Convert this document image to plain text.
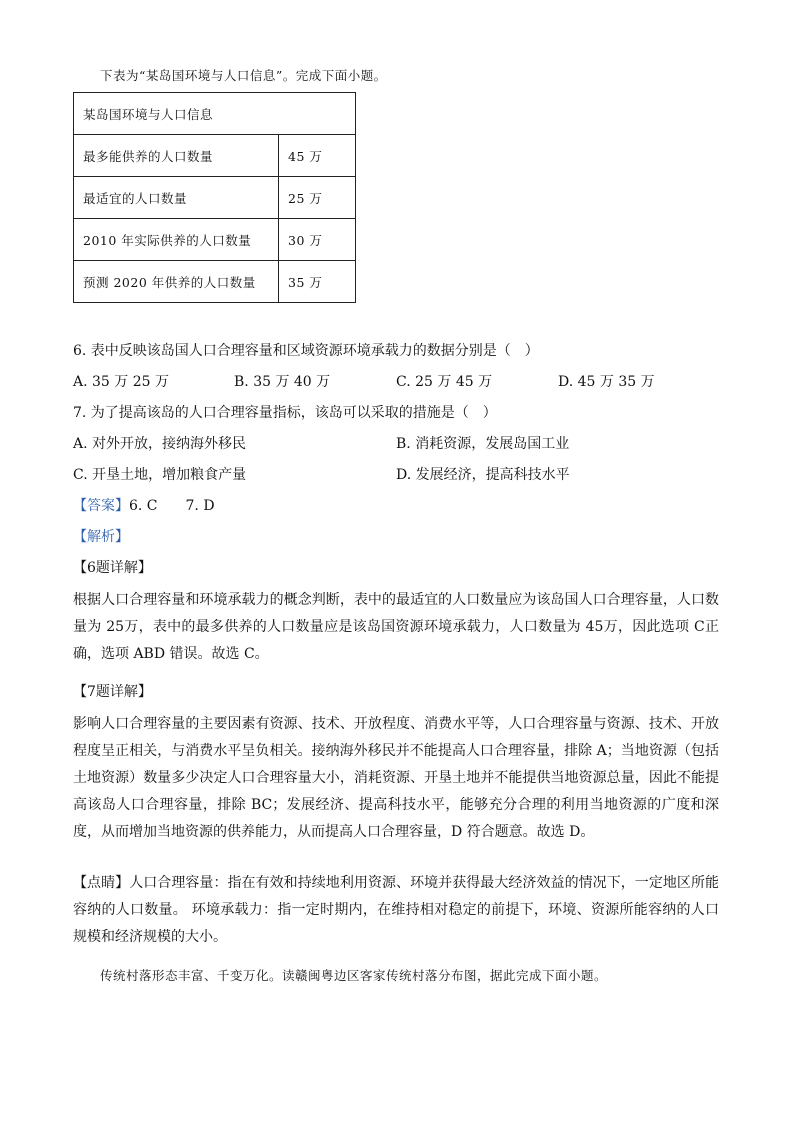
下表为“某岛国环境与人口信息”。完成下面小题。
某岛国环境与人口信息	
最多能供养的人口数量	45 万
最适宜的人口数量	25 万
2010 年实际供养的人口数量	30 万
预测 2020 年供养的人口数量	35 万
6. 表中反映该岛国人口合理容量和区域资源环境承载力的数据分别是（　）
A. 35 万 25 万	B. 35 万 40 万	C. 25 万 45 万	D. 45 万 35 万
7. 为了提高该岛的人口合理容量指标，该岛可以采取的措施是（　）
A. 对外开放，接纳海外移民	B. 消耗资源，发展岛国工业
C. 开垦土地，增加粮食产量	D. 发展经济，提高科技水平
【答案】6. C　　7. D
【解析】
【6题详解】
根据人口合理容量和环境承载力的概念判断，表中的最适宜的人口数量应为该岛国人口合理容量，人口数量为 25万，表中的最多供养的人口数量应是该岛国资源环境承载力，人口数量为 45万，因此选项 C正确，选项 ABD 错误。故选 C。
【7题详解】
影响人口合理容量的主要因素有资源、技术、开放程度、消费水平等，人口合理容量与资源、技术、开放程度呈正相关，与消费水平呈负相关。接纳海外移民并不能提高人口合理容量，排除 A；当地资源（包括土地资源）数量多少决定人口合理容量大小，消耗资源、开垦土地并不能提供当地资源总量，因此不能提高该岛人口合理容量，排除 BC；发展经济、提高科技水平，能够充分合理的利用当地资源的广度和深度，从而增加当地资源的供养能力，从而提高人口合理容量，D 符合题意。故选 D。
【点睛】人口合理容量：指在有效和持续地利用资源、环境并获得最大经济效益的情况下，一定地区所能容纳的人口数量。 环境承载力：指一定时期内，在维持相对稳定的前提下，环境、资源所能容纳的人口规模和经济规模的大小。
传统村落形态丰富、千变万化。读赣闽粤边区客家传统村落分布图，据此完成下面小题。
